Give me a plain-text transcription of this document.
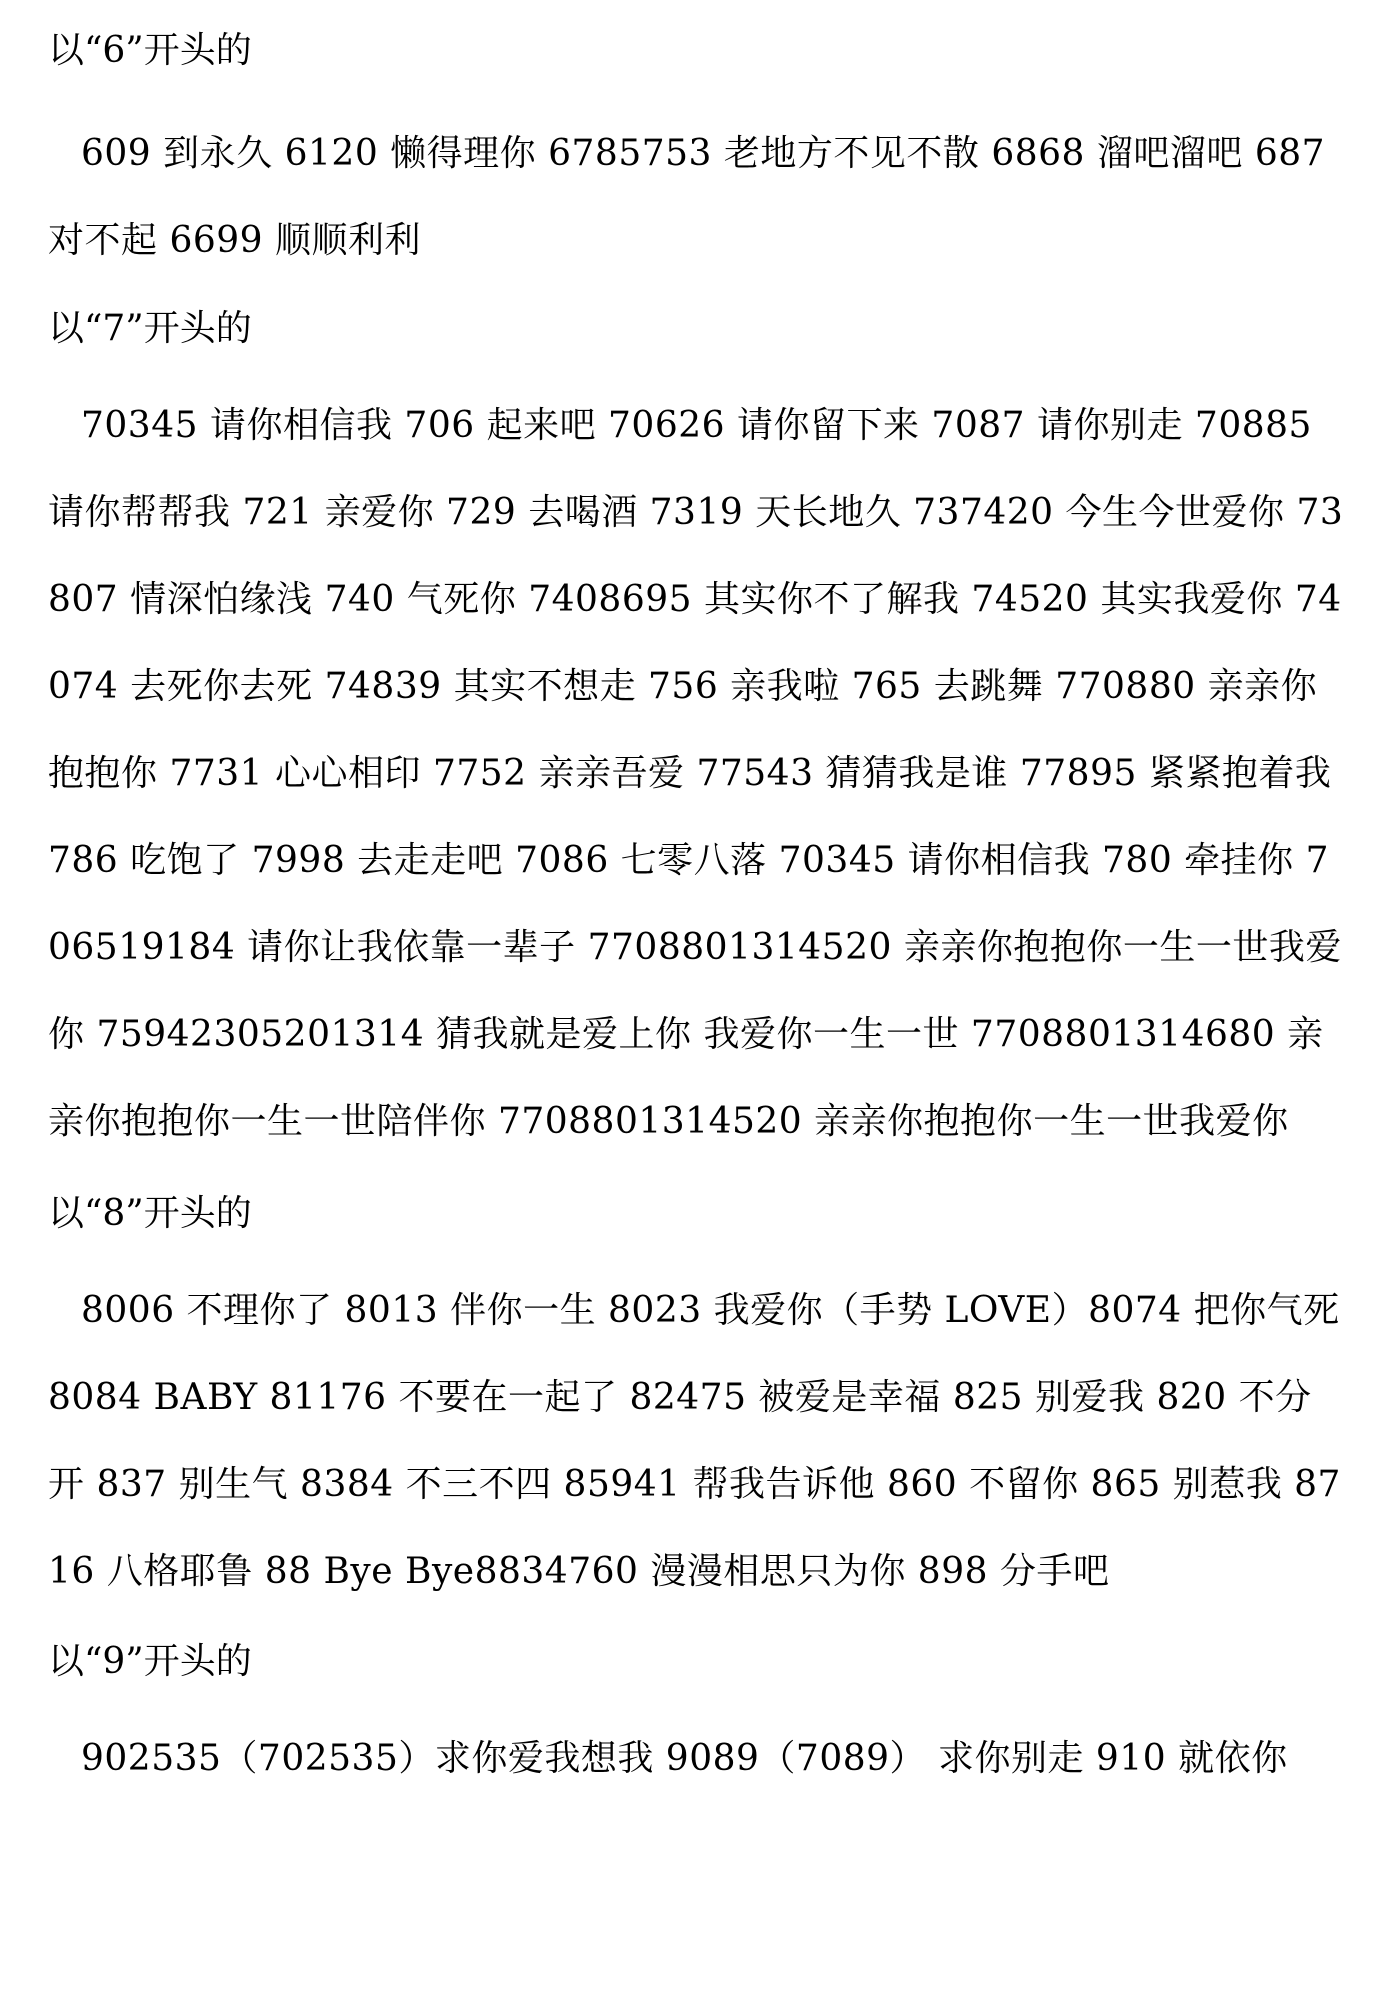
以“6”开头的

609 到永久 6120 懒得理你 6785753 老地方不见不散 6868 溜吧溜吧 687 对不起 6699 顺顺利利

以“7”开头的

70345 请你相信我 706 起来吧 70626 请你留下来 7087 请你别走 70885 请你帮帮我 721 亲爱你 729 去喝酒 7319 天长地久 737420 今生今世爱你 73807 情深怕缘浅 740 气死你 7408695 其实你不了解我 74520 其实我爱你 74074 去死你去死 74839 其实不想走 756 亲我啦 765 去跳舞 770880 亲亲你抱抱你 7731 心心相印 7752 亲亲吾爱 77543 猜猜我是谁 77895 紧紧抱着我 786 吃饱了 7998 去走走吧 7086 七零八落 70345 请你相信我 780 牵挂你 706519184 请你让我依靠一辈子 7708801314520 亲亲你抱抱你一生一世我爱你 75942305201314 猜我就是爱上你 我爱你一生一世 7708801314680 亲亲你抱抱你一生一世陪伴你 7708801314520 亲亲你抱抱你一生一世我爱你

以“8”开头的

8006 不理你了 8013 伴你一生 8023 我爱你（手势 LOVE）8074 把你气死 8084 BABY 81176 不要在一起了 82475 被爱是幸福 825 别爱我 820 不分开 837 别生气 8384 不三不四 85941 帮我告诉他 860 不留你 865 别惹我 8716 八格耶鲁 88 Bye Bye8834760 漫漫相思只为你 898 分手吧

以“9”开头的

902535（702535）求你爱我想我 9089（7089） 求你别走 910 就依你
